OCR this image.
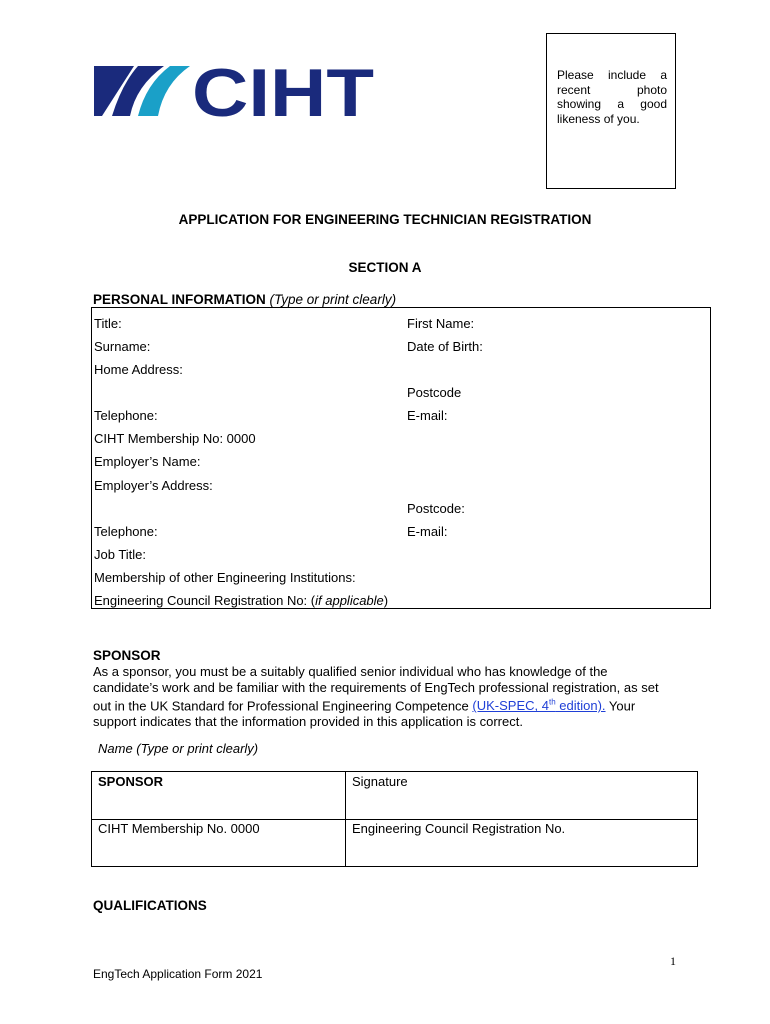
CIHT	Please include a recent photo showing a good likeness of you.
APPLICATION FOR ENGINEERING TECHNICIAN REGISTRATION
SECTION A
PERSONAL INFORMATION (Type or print clearly)
Title:	First Name:
Surname:	Date of Birth:
Home Address:
Postcode
Telephone:	E-mail:
CIHT Membership No: 0000
Employer’s Name:
Employer’s Address:
Postcode:
Telephone:	E-mail:
Job Title:
Membership of other Engineering Institutions:
Engineering Council Registration No: (if applicable)
SPONSOR
As a sponsor, you must be a suitably qualified senior individual who has knowledge of the candidate’s work and be familiar with the requirements of EngTech professional registration, as set out in the UK Standard for Professional Engineering Competence (UK-SPEC, 4th edition). Your support indicates that the information provided in this application is correct.
Name (Type or print clearly)
SPONSOR	Signature
CIHT Membership No. 0000	Engineering Council Registration No.
QUALIFICATIONS
1
EngTech Application Form 2021
